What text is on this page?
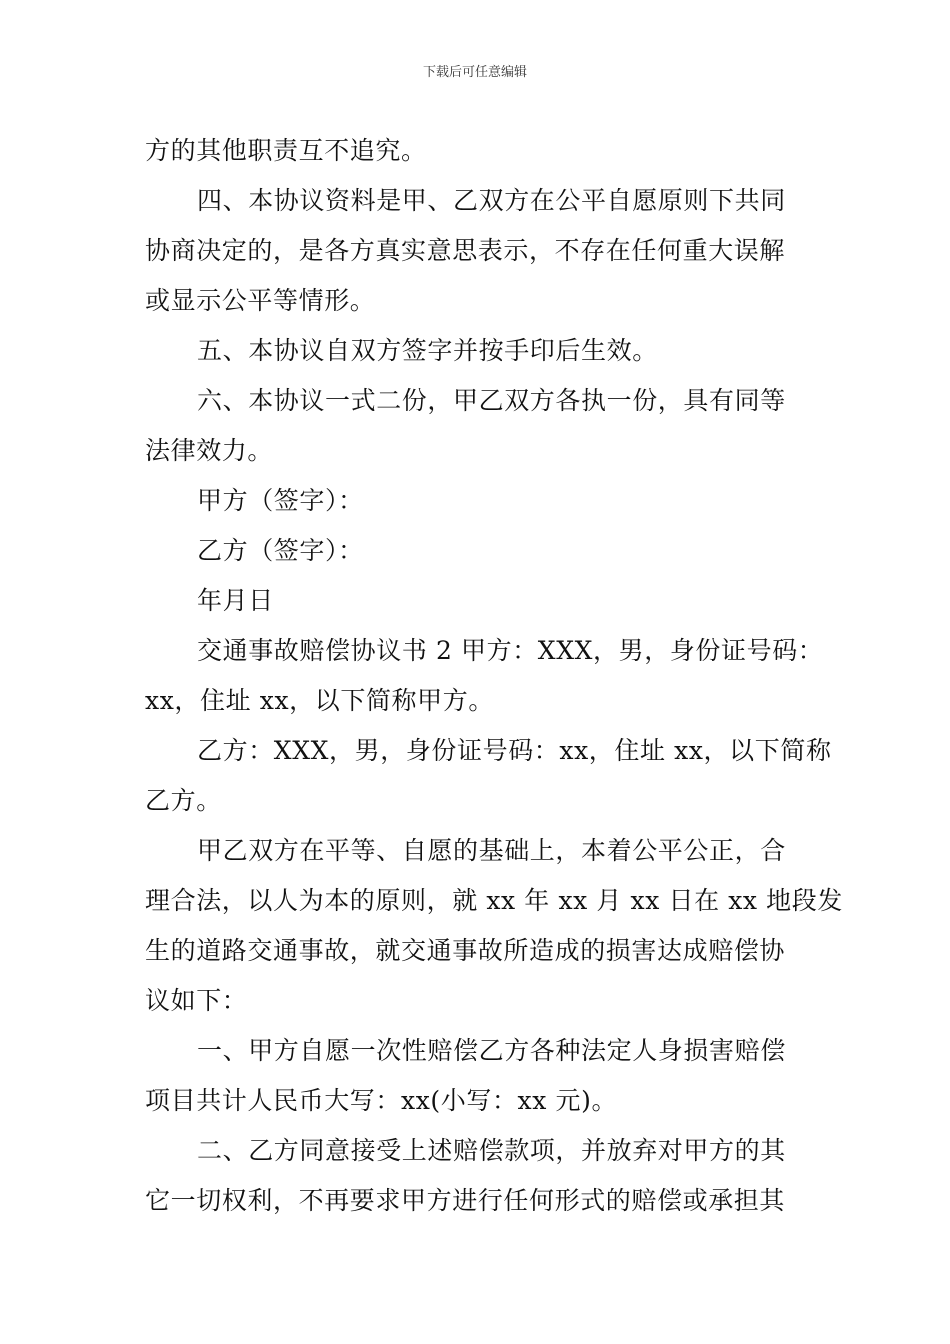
下载后可任意编辑

方的其他职责互不追究。

四、本协议资料是甲、乙双方在公平自愿原则下共同

协商决定的，是各方真实意思表示，不存在任何重大误解

或显示公平等情形。

五、本协议自双方签字并按手印后生效。

六、本协议一式二份，甲乙双方各执一份，具有同等

法律效力。

甲方（签字）：

乙方（签字）：

年月日

交通事故赔偿协议书 2 甲方：XXX，男，身份证号码：

xx，住址 xx，以下简称甲方。

乙方：XXX，男，身份证号码：xx，住址 xx，以下简称

乙方。

甲乙双方在平等、自愿的基础上，本着公平公正，合

理合法，以人为本的原则，就 xx 年 xx 月 xx 日在 xx 地段发

生的道路交通事故，就交通事故所造成的损害达成赔偿协

议如下：

一、甲方自愿一次性赔偿乙方各种法定人身损害赔偿

项目共计人民币大写：xx(小写：xx 元)。

二、乙方同意接受上述赔偿款项，并放弃对甲方的其

它一切权利，不再要求甲方进行任何形式的赔偿或承担其
